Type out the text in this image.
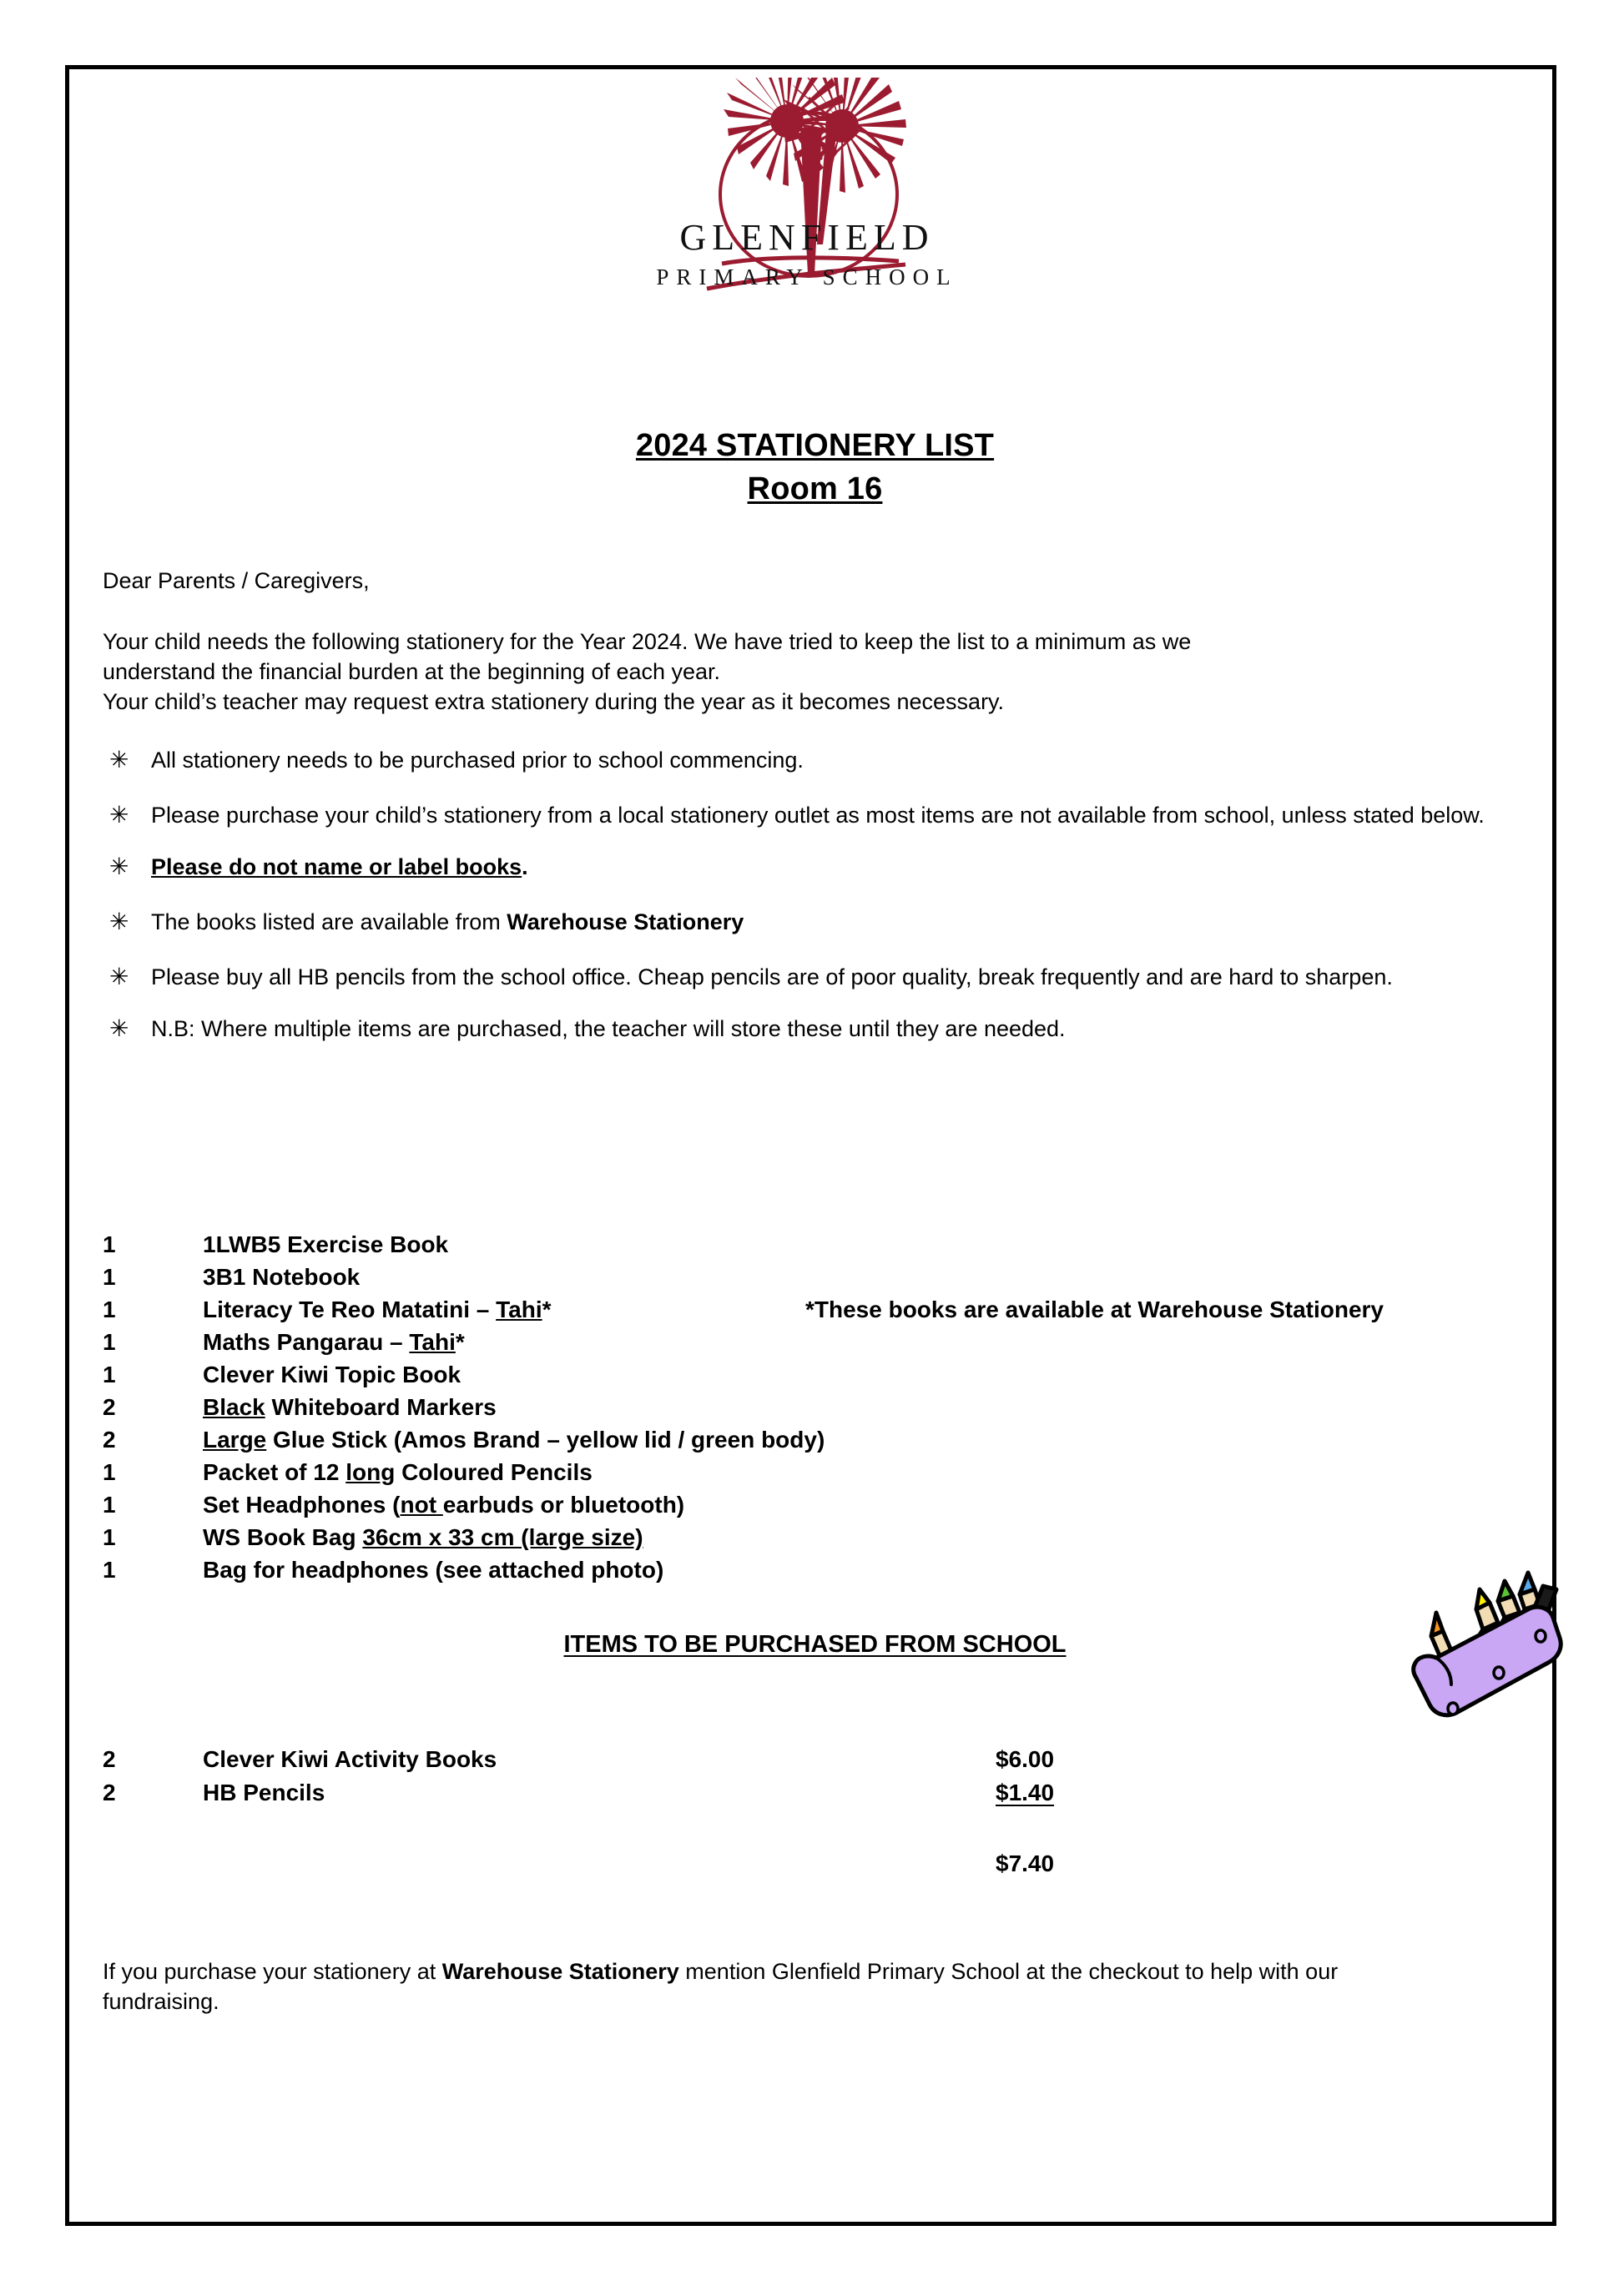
GLENFIELD
PRIMARY SCHOOL
2024 STATIONERY LIST
Room 16
Dear Parents / Caregivers,
Your child needs the following stationery for the Year 2024. We have tried to keep the list to a minimum as we
understand the financial burden at the beginning of each year.
Your child’s teacher may request extra stationery during the year as it becomes necessary.
✳ All stationery needs to be purchased prior to school commencing.
✳ Please purchase your child’s stationery from a local stationery outlet as most items are not available from school, unless stated below.
✳ Please do not name or label books.
✳ The books listed are available from Warehouse Stationery
✳ Please buy all HB pencils from the school office. Cheap pencils are of poor quality, break frequently and are hard to sharpen.
✳ N.B: Where multiple items are purchased, the teacher will store these until they are needed.
1	1LWB5 Exercise Book
1	3B1 Notebook
1	Literacy Te Reo Matatini – Tahi*
1	Maths Pangarau – Tahi*
1	Clever Kiwi Topic Book
2	Black Whiteboard Markers
2	Large Glue Stick (Amos Brand – yellow lid / green body)
1	Packet of 12 long Coloured Pencils
1	Set Headphones (not earbuds or bluetooth)
1	WS Book Bag 36cm x 33 cm (large size)
1	Bag for headphones (see attached photo)
*These books are available at Warehouse Stationery
ITEMS TO BE PURCHASED FROM SCHOOL
2	Clever Kiwi Activity Books	$6.00
2	HB Pencils	$1.40
$7.40
If you purchase your stationery at Warehouse Stationery mention Glenfield Primary School at the checkout to help with our
fundraising.
